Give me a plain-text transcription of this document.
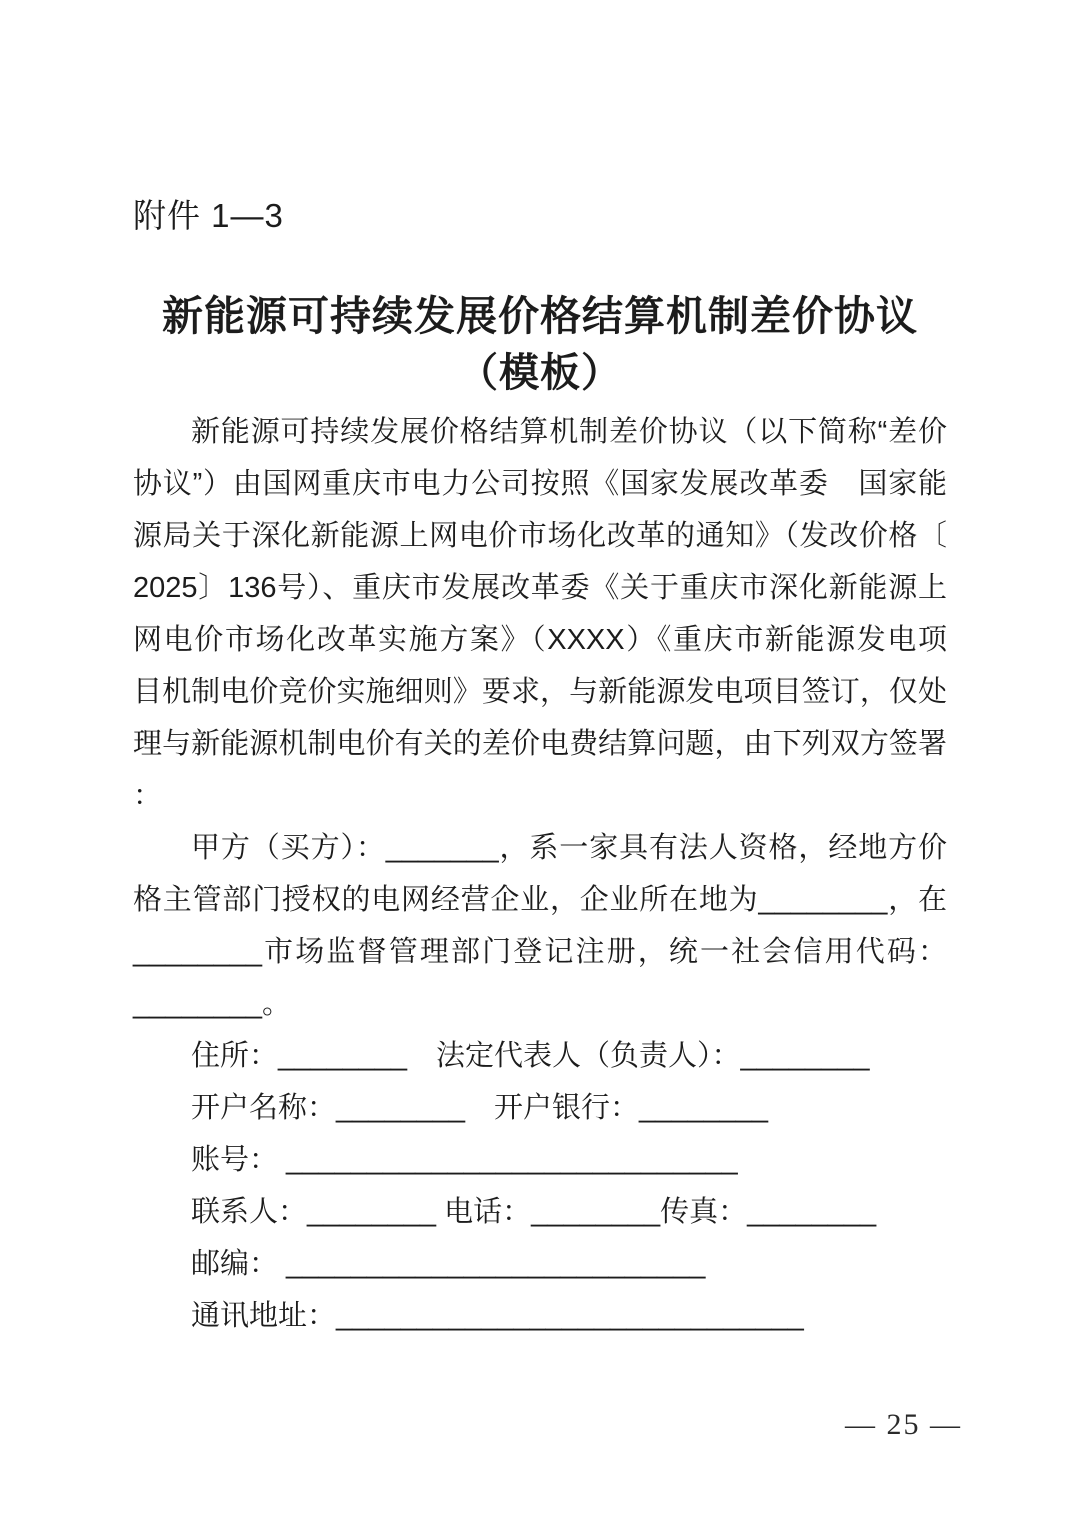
附件 1—3
新能源可持续发展价格结算机制差价协议
（模板）
新能源可持续发展价格结算机制差价协议（以下简称“差价
协议”）由国网重庆市电力公司按照《国家发展改革委　国家能
源局关于深化新能源上网电价市场化改革的通知》（发改价格〔
2025〕136号）、重庆市发展改革委《关于重庆市深化新能源上
网电价市场化改革实施方案》（XXXX）《重庆市新能源发电项
目机制电价竞价实施细则》要求，与新能源发电项目签订，仅处
理与新能源机制电价有关的差价电费结算问题，由下列双方签署
：
甲方（买方）：_______，系一家具有法人资格，经地方价
格主管部门授权的电网经营企业，企业所在地为________，在
________市场监督管理部门登记注册，统一社会信用代码：
________。
住所：________　法定代表人（负责人）：________
开户名称：________　开户银行：________
账号： ____________________________
联系人：________ 电话：________传真：________
邮编： __________________________
通讯地址：_____________________________
— 25 —
